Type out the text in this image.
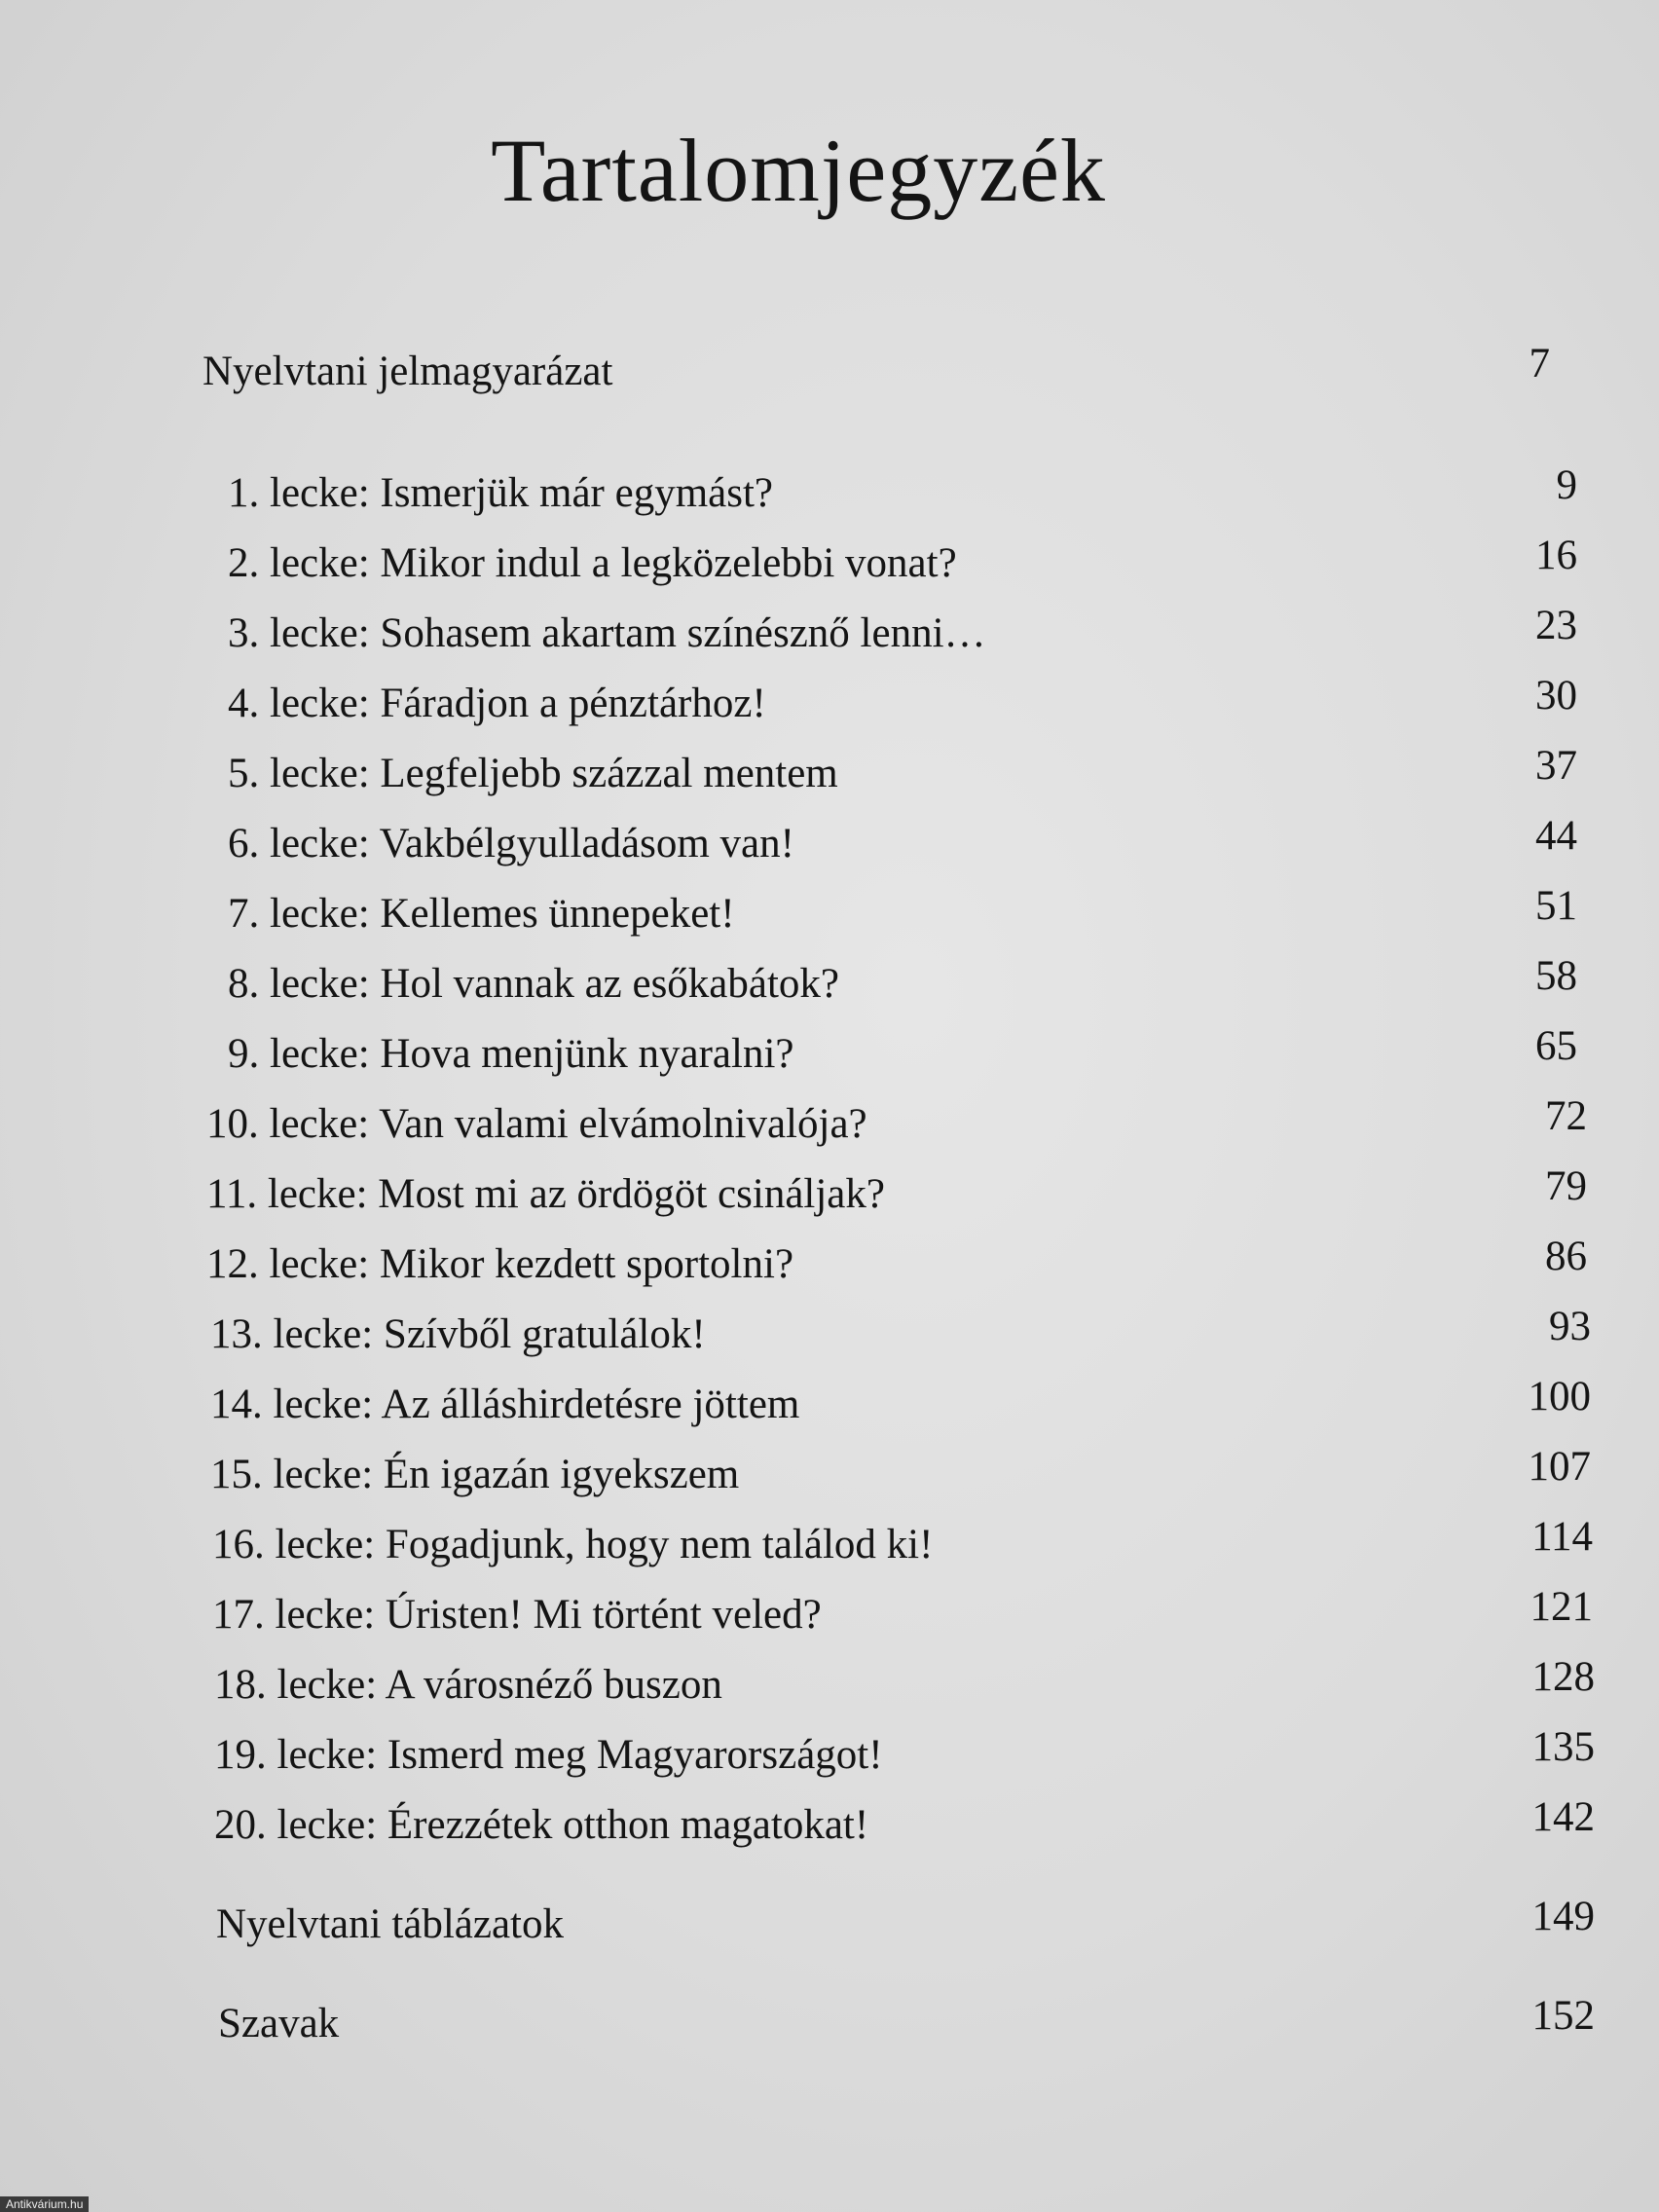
Tartalomjegyzék
Nyelvtani jelmagyarázat	7
1. lecke: Ismerjük már egymást?	9
2. lecke: Mikor indul a legközelebbi vonat?	16
3. lecke: Sohasem akartam színésznő lenni…	23
4. lecke: Fáradjon a pénztárhoz!	30
5. lecke: Legfeljebb százzal mentem	37
6. lecke: Vakbélgyulladásom van!	44
7. lecke: Kellemes ünnepeket!	51
8. lecke: Hol vannak az esőkabátok?	58
9. lecke: Hova menjünk nyaralni?	65
10. lecke: Van valami elvámolnivalója?	72
11. lecke: Most mi az ördögöt csináljak?	79
12. lecke: Mikor kezdett sportolni?	86
13. lecke: Szívből gratulálok!	93
14. lecke: Az álláshirdetésre jöttem	100
15. lecke: Én igazán igyekszem	107
16. lecke: Fogadjunk, hogy nem találod ki!	114
17. lecke: Úristen! Mi történt veled?	121
18. lecke: A városnéző buszon	128
19. lecke: Ismerd meg Magyarországot!	135
20. lecke: Érezzétek otthon magatokat!	142
Nyelvtani táblázatok	149
Szavak	152
Antikvárium.hu
